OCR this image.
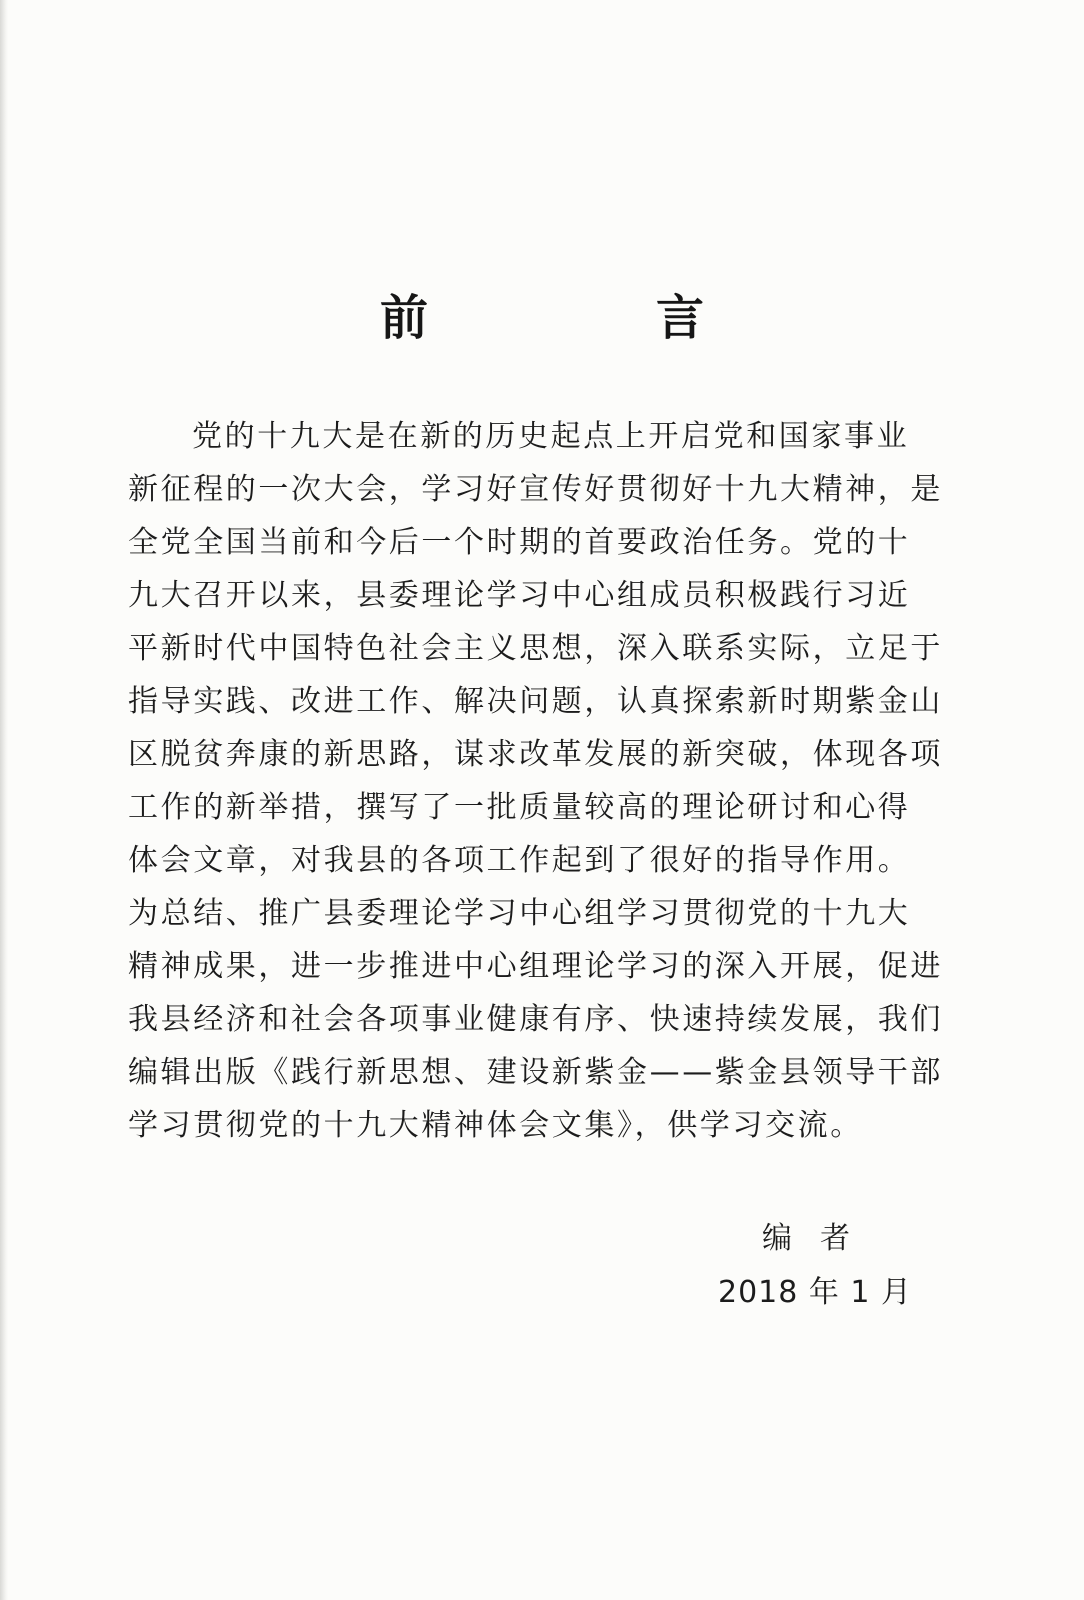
前　言
党的十九大是在新的历史起点上开启党和国家事业
新征程的一次大会，学习好宣传好贯彻好十九大精神，是
全党全国当前和今后一个时期的首要政治任务。党的十
九大召开以来，县委理论学习中心组成员积极践行习近
平新时代中国特色社会主义思想，深入联系实际，立足于
指导实践、改进工作、解决问题，认真探索新时期紫金山
区脱贫奔康的新思路，谋求改革发展的新突破，体现各项
工作的新举措，撰写了一批质量较高的理论研讨和心得
体会文章，对我县的各项工作起到了很好的指导作用。
为总结、推广县委理论学习中心组学习贯彻党的十九大
精神成果，进一步推进中心组理论学习的深入开展，促进
我县经济和社会各项事业健康有序、快速持续发展，我们
编辑出版《践行新思想、建设新紫金——紫金县领导干部
学习贯彻党的十九大精神体会文集》，供学习交流。
编者
2018 年 1 月
